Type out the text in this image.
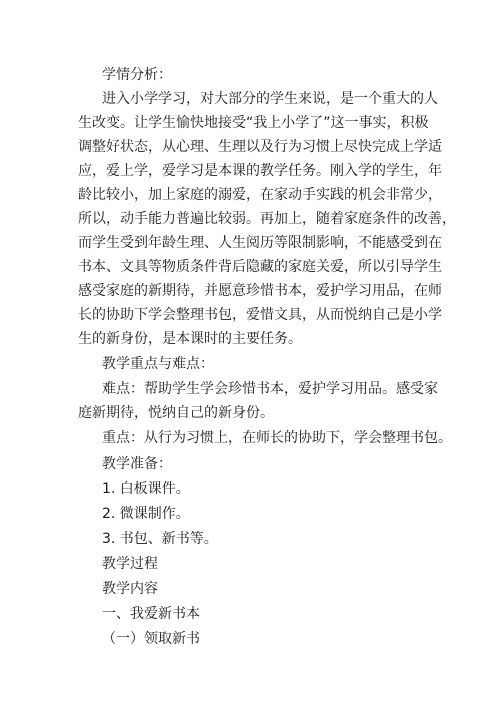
学情分析：
进入小学学习，对大部分的学生来说，是一个重大的人
生改变。让学生愉快地接受“我上小学了”这一事实，积极
调整好状态，从心理、生理以及行为习惯上尽快完成上学适
应，爱上学，爱学习是本课的教学任务。刚入学的学生，年
龄比较小，加上家庭的溺爱，在家动手实践的机会非常少，
所以，动手能力普遍比较弱。再加上，随着家庭条件的改善，
而学生受到年龄生理、人生阅历等限制影响，不能感受到在
书本、文具等物质条件背后隐藏的家庭关爱，所以引导学生
感受家庭的新期待，并愿意珍惜书本，爱护学习用品，在师
长的协助下学会整理书包，爱惜文具，从而悦纳自己是小学
生的新身份，是本课时的主要任务。
教学重点与难点：
难点：帮助学生学会珍惜书本，爱护学习用品。感受家
庭新期待，悦纳自己的新身份。
重点：从行为习惯上，在师长的协助下，学会整理书包。
教学准备：
1. 白板课件。
2. 微课制作。
3. 书包、新书等。
教学过程
教学内容
一、我爱新书本
（一）领取新书
